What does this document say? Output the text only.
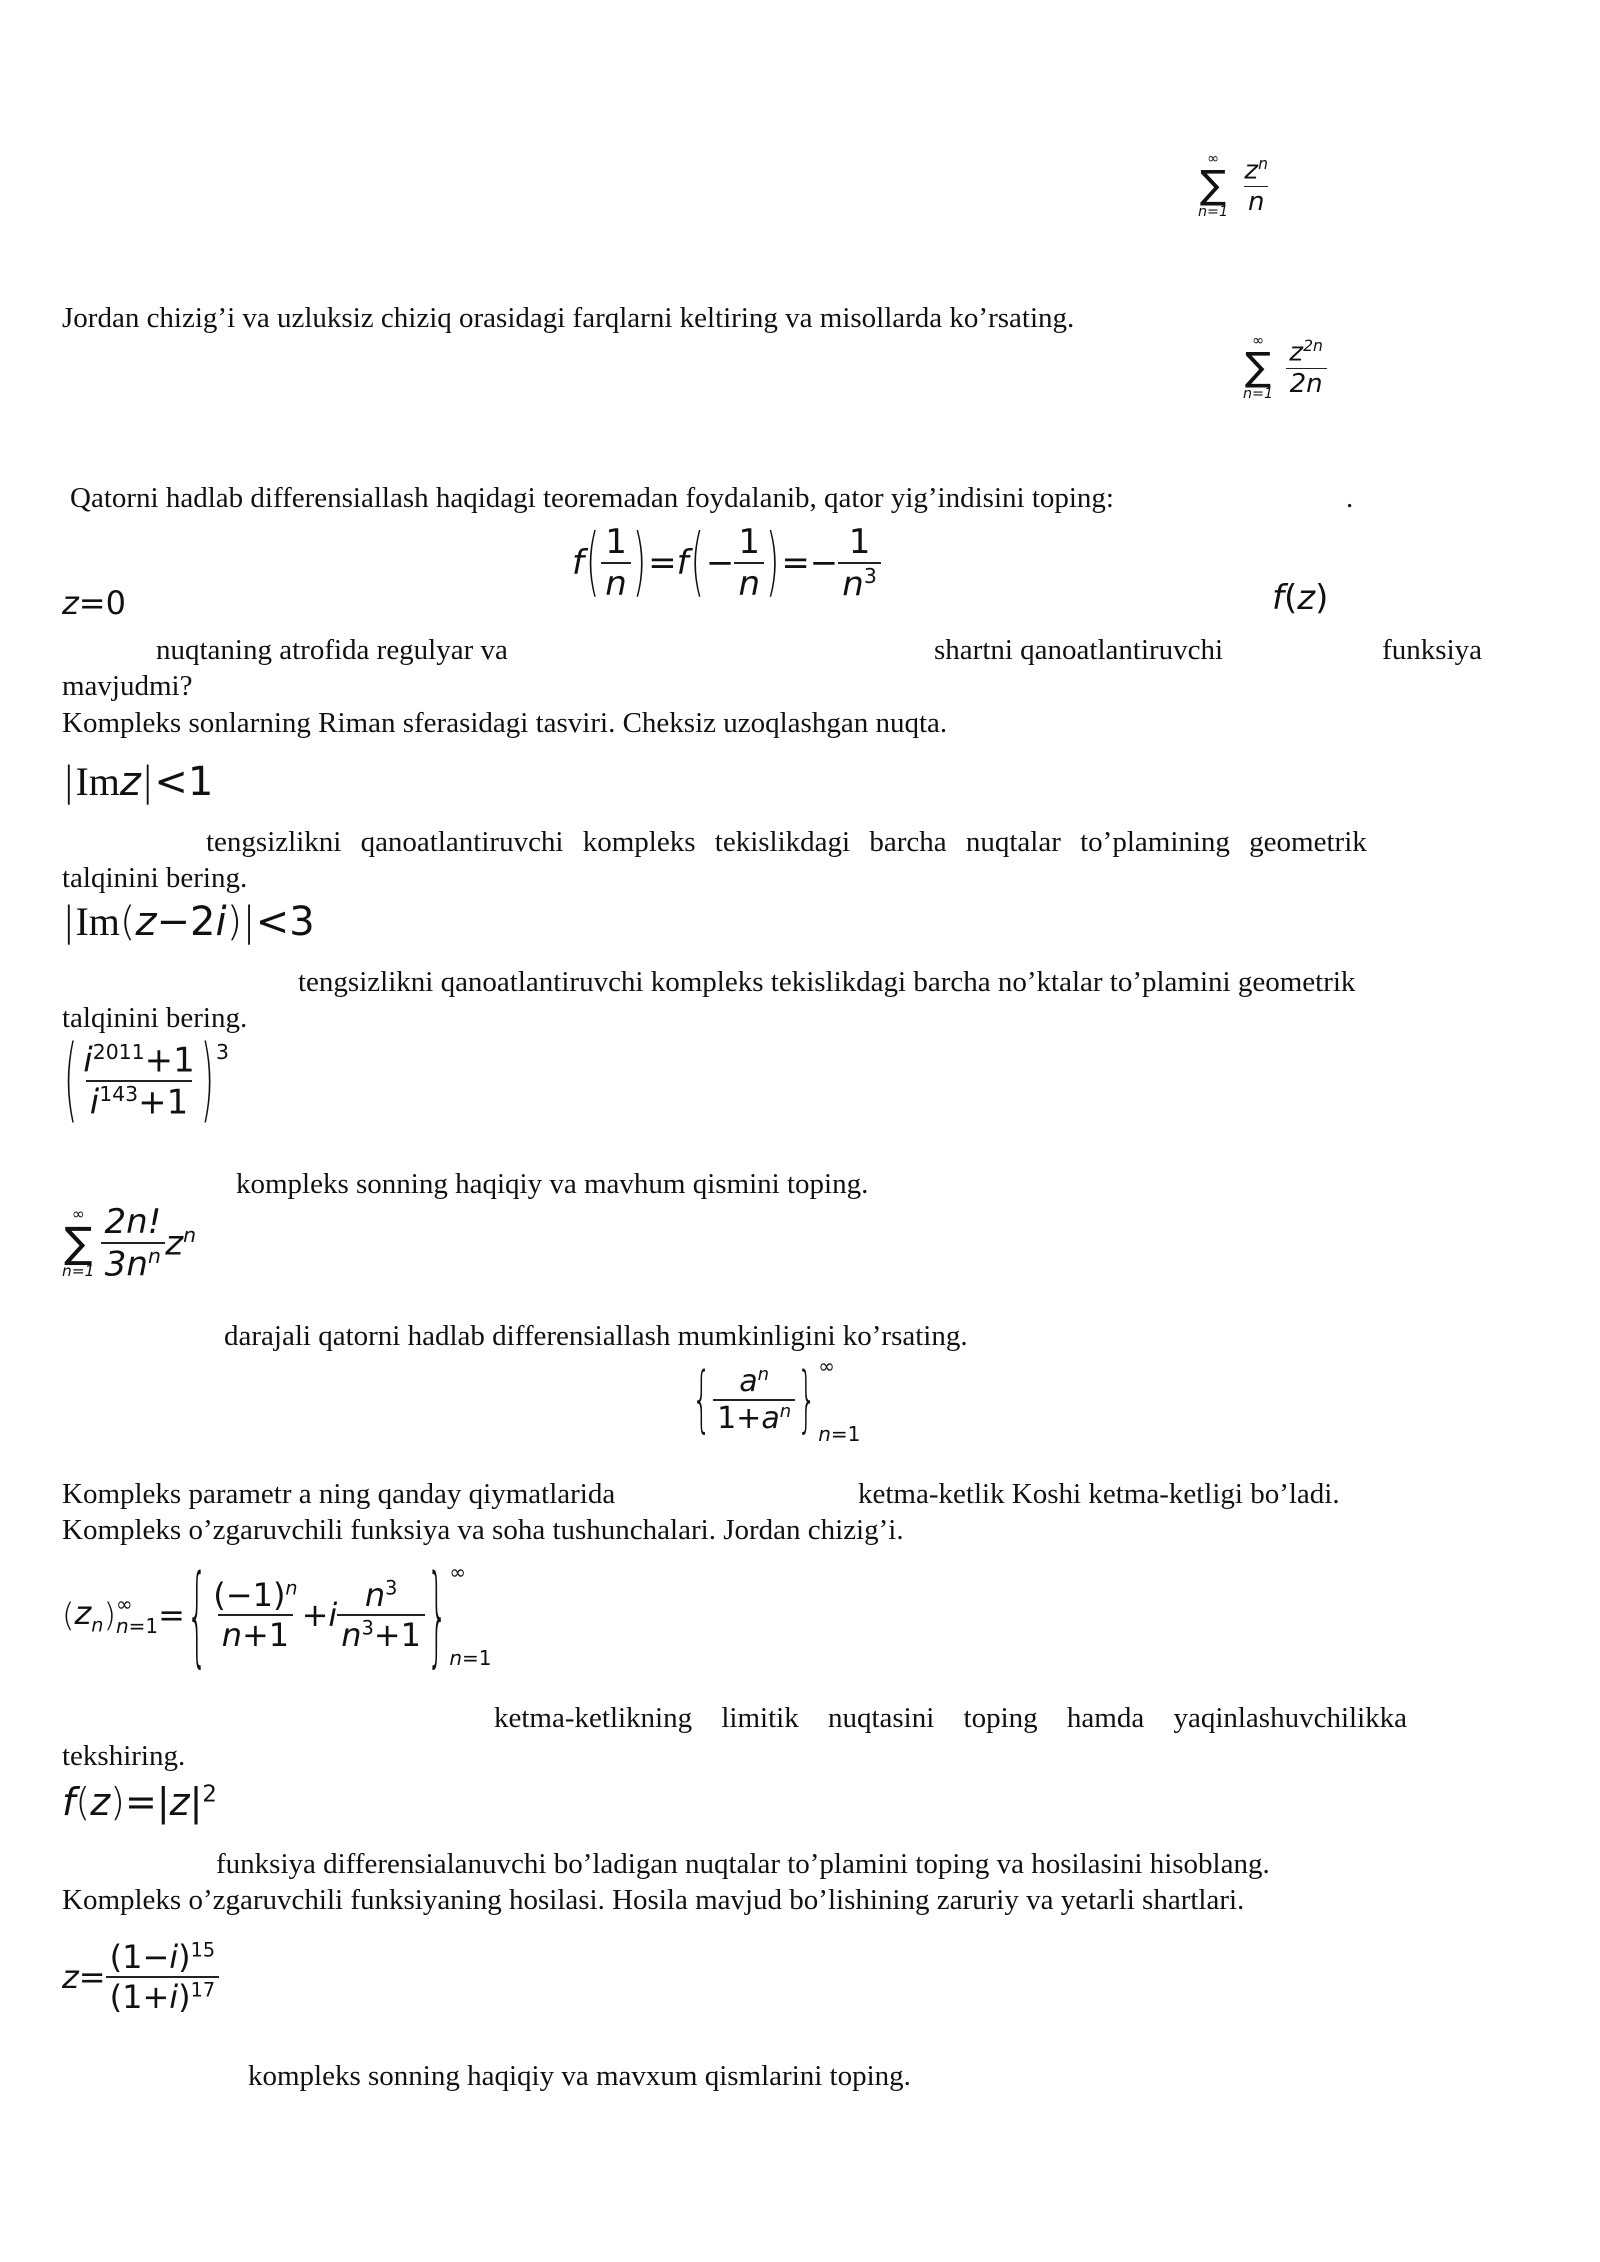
∞
∑
n=1
$\frac{z^n}{n}$
Jordan chizig’i va uzluksiz chiziq orasidagi farqlarni keltiring va misollarda ko’rsating.
∞
∑
n=1
$\frac{z^{2n}}{2n}$
Qatorni hadlab differensiallash haqidagi teoremadan foydalanib, qator yig’indisini toping:	.
z=0
f ( $\frac{1}{n}$ ) = f ( − $\frac{1}{n}$ ) =− $\frac{1}{n^3}$	f(z)
nuqtaning atrofida regulyar va	shartni qanoatlantiruvchi	funksiya
mavjudmi?
Kompleks sonlarning Riman sferasidagi tasviri. Cheksiz uzoqlashgan nuqta.
|Imz|<1
tengsizlikni qanoatlantiruvchi kompleks tekislikdagi barcha nuqtalar to’plamining geometrik
talqinini bering.
|Im(z−2i)|<3
tengsizlikni qanoatlantiruvchi kompleks tekislikdagi barcha no’ktalar to’plamini geometrik
talqinini bering.
( $\frac{i^{2011}+1}{i^{143}+1} )^3$
kompleks sonning haqiqiy va mavhum qismini toping.
∞
∑
$n=1 \frac{2n!}{3n^n} z^n$
darajali qatorni hadlab differensiallash mumkinligini ko’rsating.
{ $\frac{a^n}{1+a^n}$ } ∞
n=1
Kompleks parametr a ning qanday qiymatlarida	ketma-ketlik Koshi ketma-ketligi bo’ladi.
Kompleks o’zgaruvchili funksiya va soha tushunchalari. Jordan chizig’i.
( $z_n$ ) ∞
n=1 = { $\frac{(-1)^n}{n+1} + i \frac{n^3}{n^3+1}$ } ∞
n=1
ketma-ketlikning limitik nuqtasini toping hamda yaqinlashuvchilikka
tekshiring.
$f(z)=|z|^2$
funksiya differensialanuvchi bo’ladigan nuqtalar to’plamini toping va hosilasini hisoblang.
Kompleks o’zgaruvchili funksiyaning hosilasi. Hosila mavjud bo’lishining zaruriy va yetarli shartlari.
$z = \frac{(1-i)^{15}}{(1+i)^{17}}$
kompleks sonning haqiqiy va mavxum qismlarini toping.
